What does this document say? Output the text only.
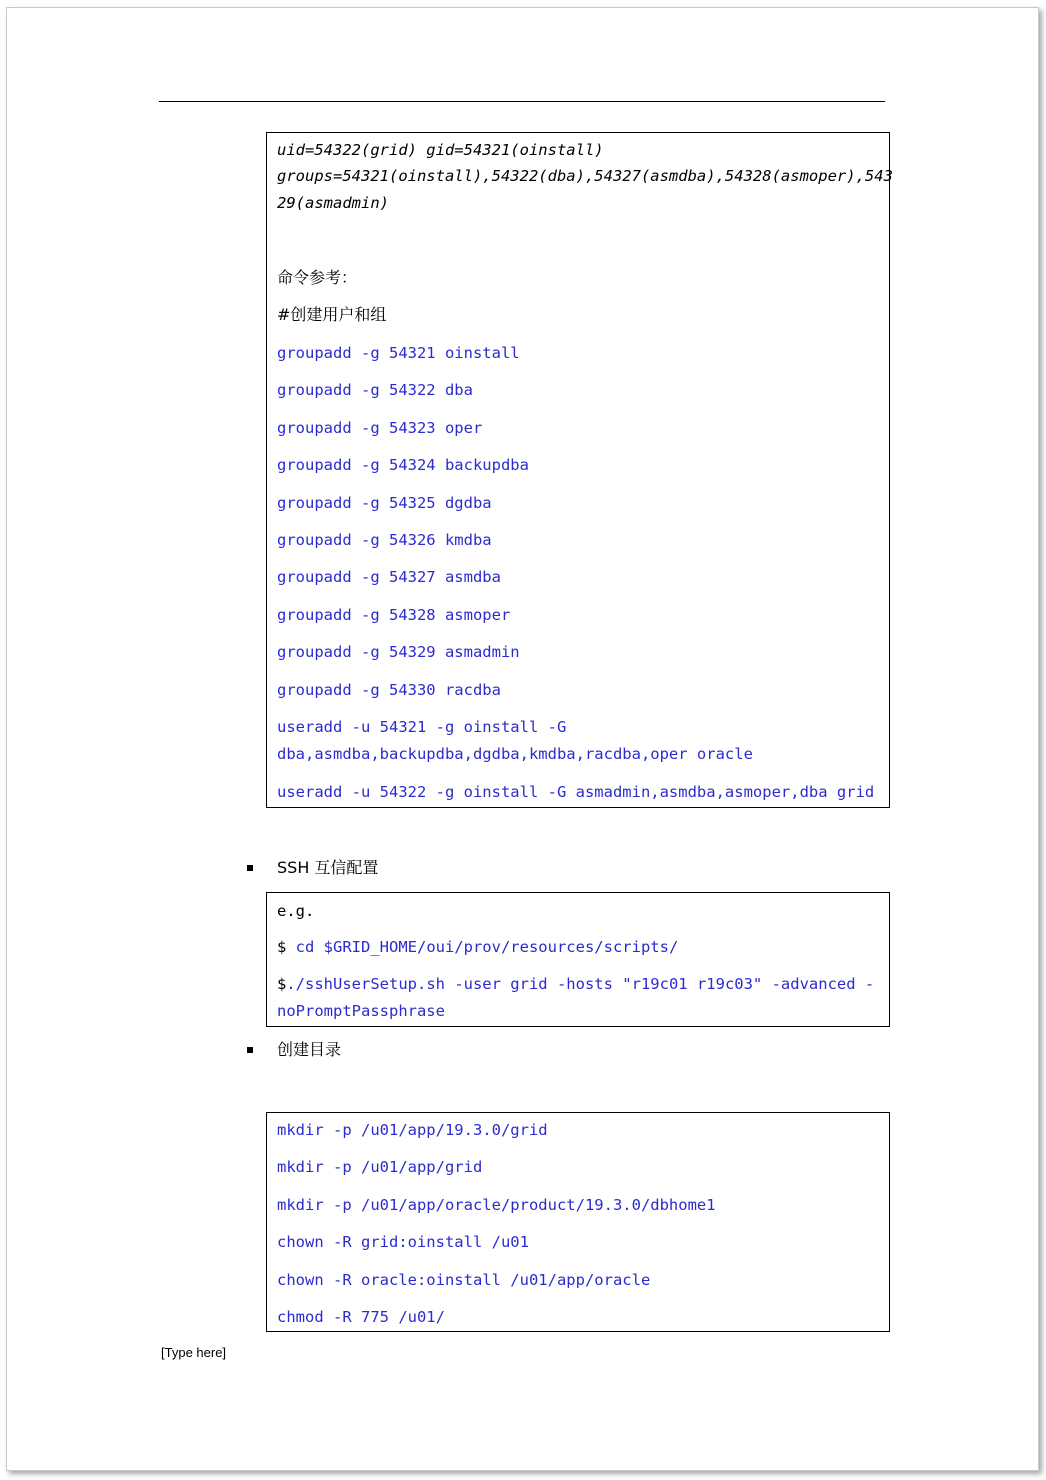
uid=54322(grid) gid=54321(oinstall)
groups=54321(oinstall),54322(dba),54327(asmdba),54328(asmoper),543
29(asmadmin)
命令参考：
#创建用户和组
groupadd -g 54321 oinstall
groupadd -g 54322 dba
groupadd -g 54323 oper
groupadd -g 54324 backupdba
groupadd -g 54325 dgdba
groupadd -g 54326 kmdba
groupadd -g 54327 asmdba
groupadd -g 54328 asmoper
groupadd -g 54329 asmadmin
groupadd -g 54330 racdba
useradd -u 54321 -g oinstall -G
dba,asmdba,backupdba,dgdba,kmdba,racdba,oper oracle
useradd -u 54322 -g oinstall -G asmadmin,asmdba,asmoper,dba grid
SSH 互信配置
e.g.
$ cd $GRID_HOME/oui/prov/resources/scripts/
$./sshUserSetup.sh -user grid -hosts "r19c01 r19c03" -advanced -
noPromptPassphrase
创建目录
mkdir -p /u01/app/19.3.0/grid
mkdir -p /u01/app/grid
mkdir -p /u01/app/oracle/product/19.3.0/dbhome1
chown -R grid:oinstall /u01
chown -R oracle:oinstall /u01/app/oracle
chmod -R 775 /u01/
[Type here]
